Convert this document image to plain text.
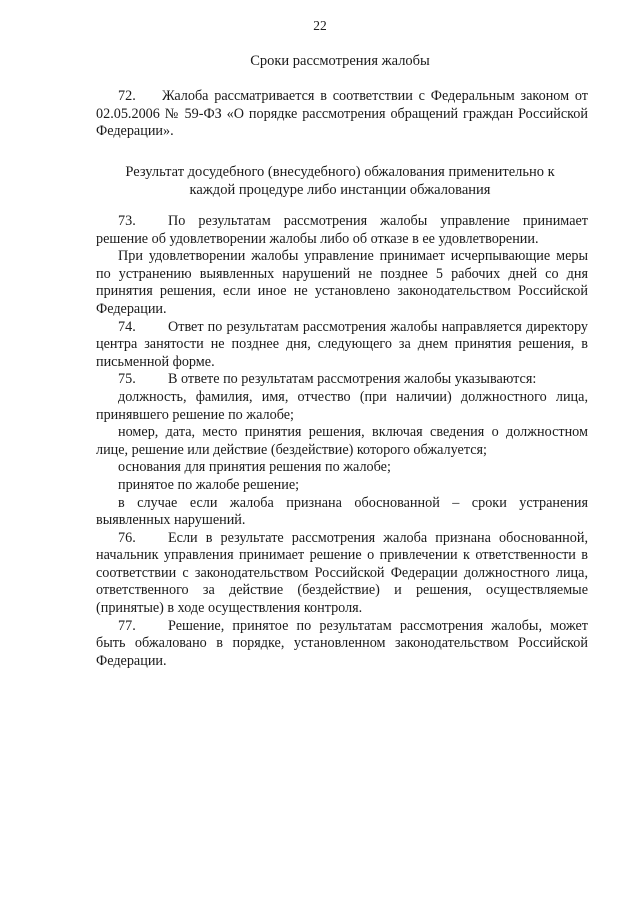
22
Сроки рассмотрения жалобы

72. Жалоба рассматривается в соответствии с Федеральным законом от 02.05.2006 № 59-ФЗ «О порядке рассмотрения обращений граждан Российской Федерации».

Результат досудебного (внесудебного) обжалования применительно к
каждой процедуре либо инстанции обжалования

73. По результатам рассмотрения жалобы управление принимает решение об удовлетворении жалобы либо об отказе в ее удовлетворении.

При удовлетворении жалобы управление принимает исчерпывающие меры по устранению выявленных нарушений не позднее 5 рабочих дней со дня принятия решения, если иное не установлено законодательством Российской Федерации.

74. Ответ по результатам рассмотрения жалобы направляется директору центра занятости не позднее дня, следующего за днем принятия решения, в письменной форме.

75. В ответе по результатам рассмотрения жалобы указываются:

должность, фамилия, имя, отчество (при наличии) должностного лица, принявшего решение по жалобе;

номер, дата, место принятия решения, включая сведения о должностном лице, решение или действие (бездействие) которого обжалуется;

основания для принятия решения по жалобе;

принятое по жалобе решение;

в случае если жалоба признана обоснованной – сроки устранения выявленных нарушений.

76. Если в результате рассмотрения жалоба признана обоснованной, начальник управления принимает решение о привлечении к ответственности в соответствии с законодательством Российской Федерации должностного лица, ответственного за действие (бездействие) и решения, осуществляемые (принятые) в ходе осуществления контроля.

77. Решение, принятое по результатам рассмотрения жалобы, может быть обжаловано в порядке, установленном законодательством Российской Федерации.
